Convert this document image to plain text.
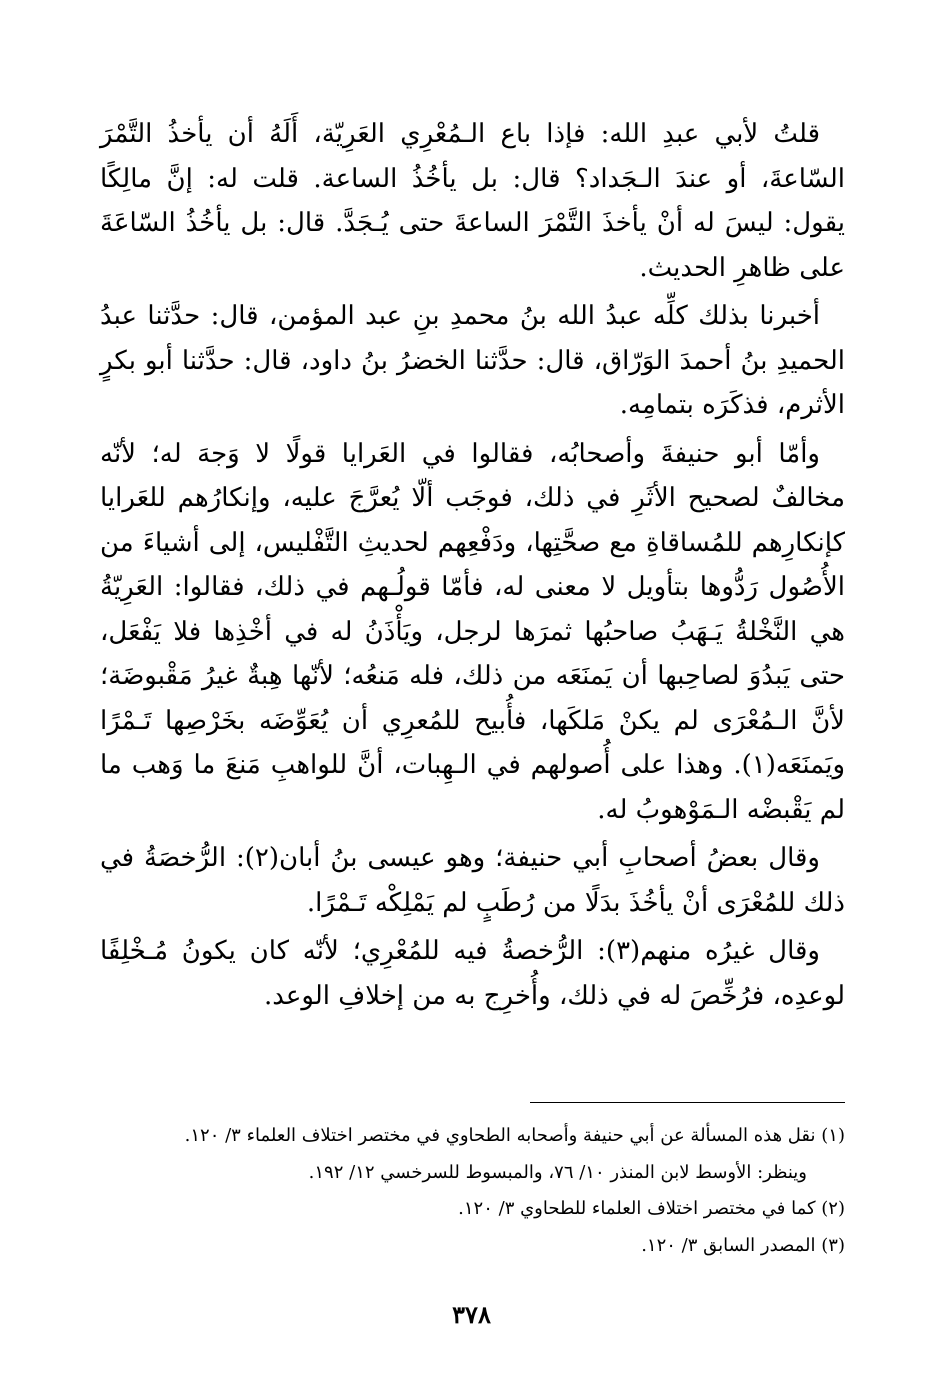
قلتُ لأبي عبدِ الله: فإذا باع الـمُعْرِي العَرِيّة، أَلَهُ أن يأخذُ التَّمْرَ السّاعةَ، أو عندَ الـجَداد؟ قال: بل يأخُذُ الساعة. قلت له: إنَّ مالِكًا يقول: ليسَ له أنْ يأخذَ التَّمْرَ الساعةَ حتى يُـجَدَّ. قال: بل يأخُذُ السّاعَةَ على ظاهرِ الحديث.

أخبرنا بذلك كلِّه عبدُ الله بنُ محمدِ بنِ عبد المؤمن، قال: حدَّثنا عبدُ الحميدِ بنُ أحمدَ الوَرّاق، قال: حدَّثنا الخضرُ بنُ داود، قال: حدَّثنا أبو بكرٍ الأثرم، فذكَرَه بتمامِه.

وأمّا أبو حنيفةَ وأصحابُه، فقالوا في العَرايا قولًا لا وَجهَ له؛ لأنّه مخالفٌ لصحيح الأثَرِ في ذلك، فوجَب ألّا يُعرَّجَ عليه، وإنكارُهم للعَرايا كإنكارِهم للمُساقاةِ مع صحَّتِها، ودَفْعِهم لحديثِ التَّفْليس، إلى أشياءَ من الأُصُول رَدُّوها بتأويل لا معنى له، فأمّا قولُـهم في ذلك، فقالوا: العَرِيّةُ هي النَّخْلةُ يَـهَبُ صاحبُها ثمرَها لرجل، ويَأْذَنُ له في أخْذِها فلا يَفْعَل، حتى يَبدُوَ لصاحِبها أن يَمنَعَه من ذلك، فله مَنعُه؛ لأنّها هِبةٌ غيرُ مَقْبوضَة؛ لأنَّ الـمُعْرَى لم يكنْ مَلكَها، فأُبيح للمُعرِي أن يُعَوِّضَه بخَرْصِها تَـمْرًا ويَمنَعَه(١). وهذا على أُصولهم في الـهِبات، أنَّ للواهبِ مَنعَ ما وَهب ما لم يَقْبضْه الـمَوْهوبُ له.

وقال بعضُ أصحابِ أبي حنيفة؛ وهو عيسى بنُ أبان(٢): الرُّخصَةُ في ذلك للمُعْرَى أنْ يأخُذَ بدَلًا من رُطَبٍ لم يَمْلِكْه تَـمْرًا.

وقال غيرُه منهم(٣): الرُّخصةُ فيه للمُعْرِي؛ لأنّه كان يكونُ مُـخْلِفًا لوعدِه، فرُخِّصَ له في ذلك، وأُخرِج به من إخلافِ الوعد.

(١) نقل هذه المسألة عن أبي حنيفة وأصحابه الطحاوي في مختصر اختلاف العلماء ٣/ ١٢٠.

وينظر: الأوسط لابن المنذر ١٠/ ٧٦، والمبسوط للسرخسي ١٢/ ١٩٢.

(٢) كما في مختصر اختلاف العلماء للطحاوي ٣/ ١٢٠.

(٣) المصدر السابق ٣/ ١٢٠.

٣٧٨
